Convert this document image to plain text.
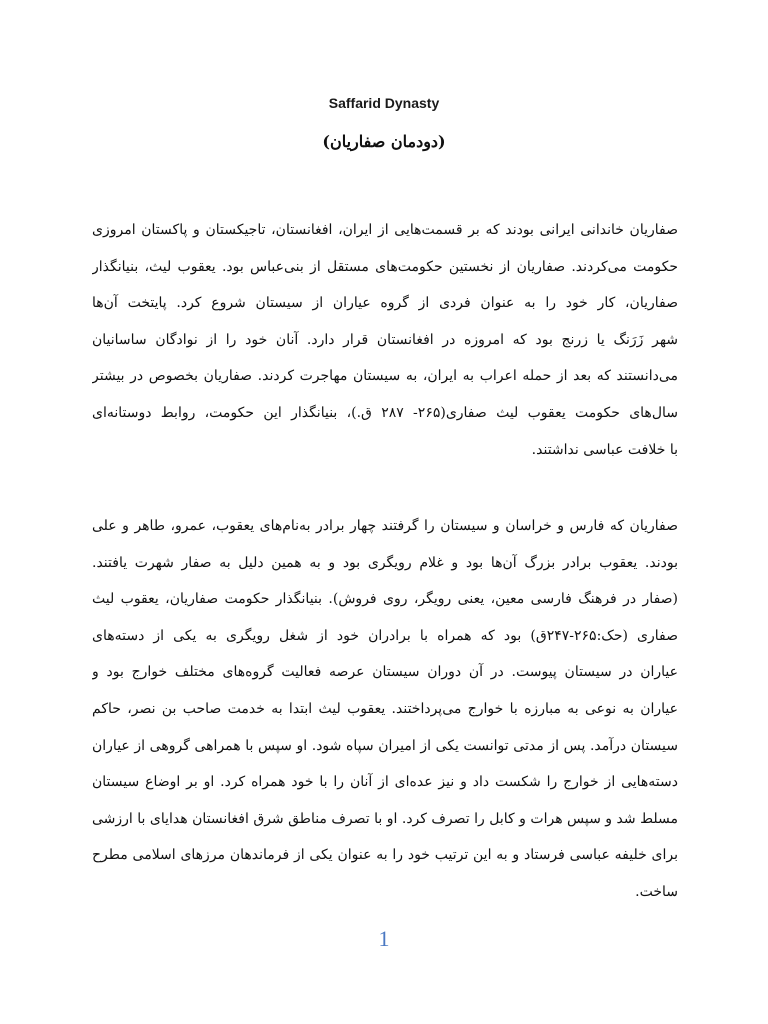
Saffarid Dynasty
(دودمان صفاریان)
صفاریان خاندانی ایرانی بودند که بر قسمت‌هایی از ایران، افغانستان، تاجیکستان و پاکستان امروزی
حکومت می‌کردند. صفاریان از نخستین حکومت‌های مستقل از بنی‌عباس بود. یعقوب لیث، بنیانگذار
صفاریان، کار خود را به عنوان فردی از گروه عیاران از سیستان شروع کرد. پایتخت آن‌ها
شهر زَرَنگ یا زرنج بود که امروزه در افغانستان قرار دارد. آنان خود را از نوادگان ساسانیان
می‌دانستند که بعد از حمله اعراب به ایران، به سیستان مهاجرت کردند. صفاریان بخصوص در بیشتر
سال‌های حکومت یعقوب لیث صفاری(۲۶۵- ۲۸۷ ق.)، بنیانگذار این حکومت، روابط دوستانه‌ای
با خلافت عباسی نداشتند.
صفاریان که فارس و خراسان و سیستان را گرفتند چهار برادر به‌نام‌های یعقوب، عمرو، طاهر و علی
بودند. یعقوب برادر بزرگ آن‌ها بود و غلام رویگری بود و به همین دلیل به صفار شهرت یافتند.
(صفار در فرهنگ فارسی معین، یعنی رویگر، روی فروش). بنیانگذار حکومت صفاریان، یعقوب لیث
صفاری (حک:۲۶۵-۲۴۷ق) بود که همراه با برادران خود از شغل رویگری به یکی از دسته‌های
عیاران در سیستان پیوست. در آن دوران سیستان عرصه فعالیت گروه‌های مختلف خوارج بود و
عیاران به نوعی به مبارزه با خوارج می‌پرداختند. یعقوب لیث ابتدا به خدمت صاحب بن نصر، حاکم
سیستان درآمد. پس از مدتی توانست یکی از امیران سپاه شود. او سپس با همراهی گروهی از عیاران
دسته‌هایی از خوارج را شکست داد و نیز عده‌ای از آنان را با خود همراه کرد. او بر اوضاع سیستان
مسلط شد و سپس هرات و کابل را تصرف کرد. او با تصرف مناطق شرق افغانستان هدایای با ارزشی
برای خلیفه عباسی فرستاد و به این ترتیب خود را به عنوان یکی از فرماندهان مرزهای اسلامی مطرح
ساخت.
1
